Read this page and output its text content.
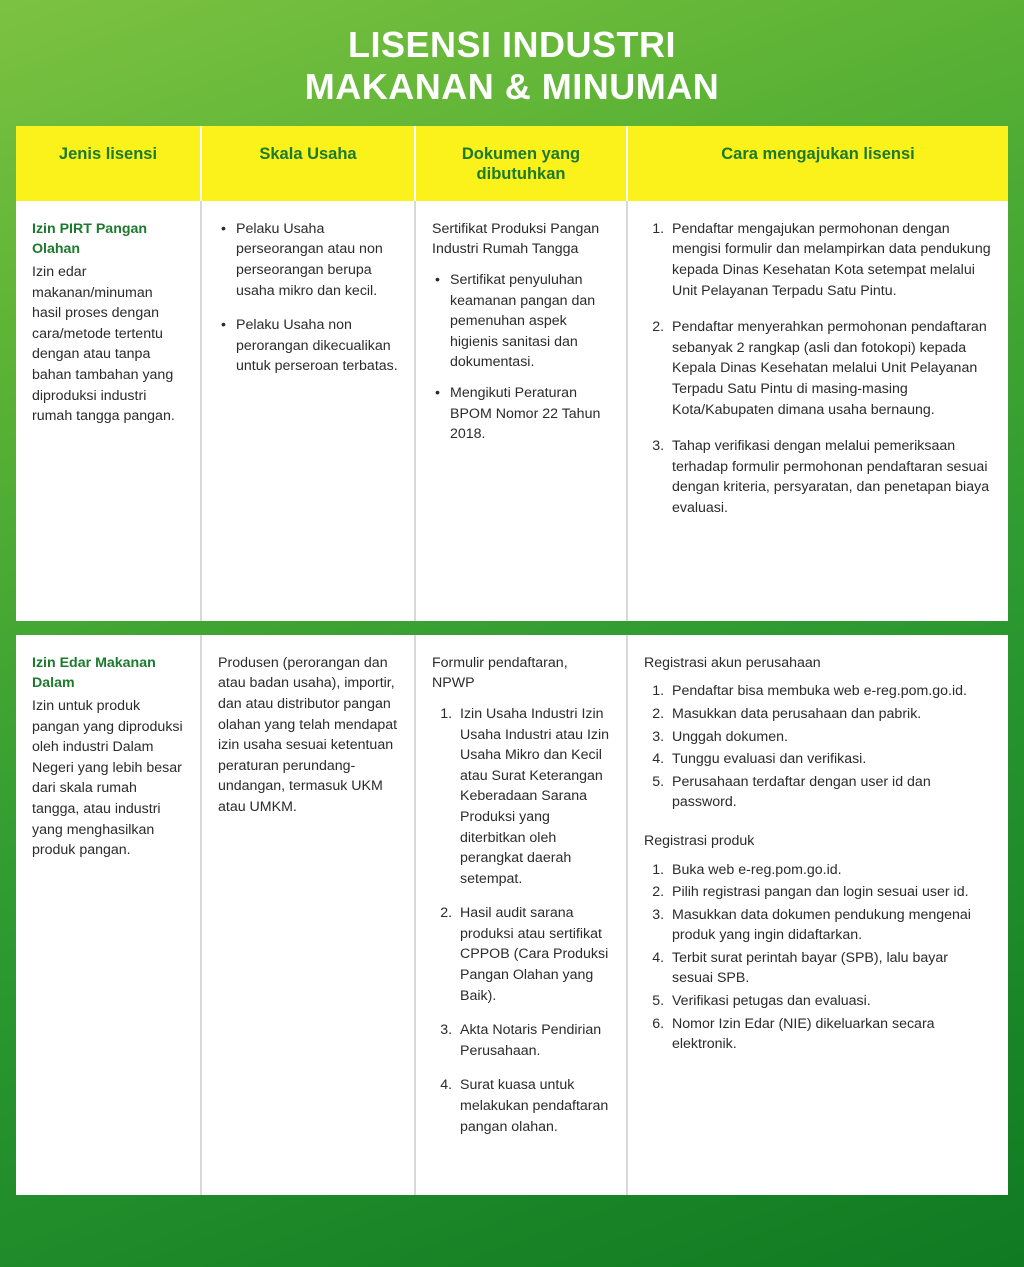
LISENSI INDUSTRI
MAKANAN & MINUMAN
Jenis lisensi	Skala Usaha	Dokumen yang dibutuhkan
Cara mengajukan lisensi
Izin PIRT Pangan Olahan
Izin edar makanan/minuman hasil proses dengan cara/metode tertentu dengan atau tanpa bahan tambahan yang diproduksi industri rumah tangga pangan.
• Pelaku Usaha perseorangan atau non perseorangan berupa usaha mikro dan kecil.
• Pelaku Usaha non perorangan dikecualikan untuk perseroan terbatas.

Sertifikat Produksi Pangan Industri Rumah Tangga

• Sertifikat penyuluhan keamanan pangan dan pemenuhan aspek higienis sanitasi dan dokumentasi.
• Mengikuti Peraturan BPOM Nomor 22 Tahun 2018.
1. Pendaftar mengajukan permohonan dengan mengisi formulir dan melampirkan data pendukung kepada Dinas Kesehatan Kota setempat melalui Unit Pelayanan Terpadu Satu Pintu.
2. Pendaftar menyerahkan permohonan pendaftaran sebanyak 2 rangkap (asli dan fotokopi) kepada Kepala Dinas Kesehatan melalui Unit Pelayanan Terpadu Satu Pintu di masing-masing Kota/Kabupaten dimana usaha bernaung.
3. Tahap verifikasi dengan melalui pemeriksaan terhadap formulir permohonan pendaftaran sesuai dengan kriteria, persyaratan, dan penetapan biaya evaluasi.
Izin Edar Makanan Dalam
Izin untuk produk pangan yang diproduksi oleh industri Dalam Negeri yang lebih besar dari skala rumah tangga, atau industri yang menghasilkan produk pangan.
Produsen (perorangan dan atau badan usaha), importir, dan atau distributor pangan olahan yang telah mendapat izin usaha sesuai ketentuan peraturan perundang-undangan, termasuk UKM atau UMKM.

Formulir pendaftaran, NPWP

1. Izin Usaha Industri Izin Usaha Industri atau Izin Usaha Mikro dan Kecil atau Surat Keterangan Keberadaan Sarana Produksi yang diterbitkan oleh perangkat daerah setempat.
2. Hasil audit sarana produksi atau sertifikat CPPOB (Cara Produksi Pangan Olahan yang Baik).
3. Akta Notaris Pendirian Perusahaan.
4. Surat kuasa untuk melakukan pendaftaran pangan olahan.

Registrasi akun perusahaan

1. Pendaftar bisa membuka web e-reg.pom.go.id.
2. Masukkan data perusahaan dan pabrik.
3. Unggah dokumen.
4. Tunggu evaluasi dan verifikasi.
5. Perusahaan terdaftar dengan user id dan password.

Registrasi produk

1. Buka web e-reg.pom.go.id.
2. Pilih registrasi pangan dan login sesuai user id.
3. Masukkan data dokumen pendukung mengenai produk yang ingin didaftarkan.
4. Terbit surat perintah bayar (SPB), lalu bayar sesuai SPB.
5. Verifikasi petugas dan evaluasi.
6. Nomor Izin Edar (NIE) dikeluarkan secara elektronik.
